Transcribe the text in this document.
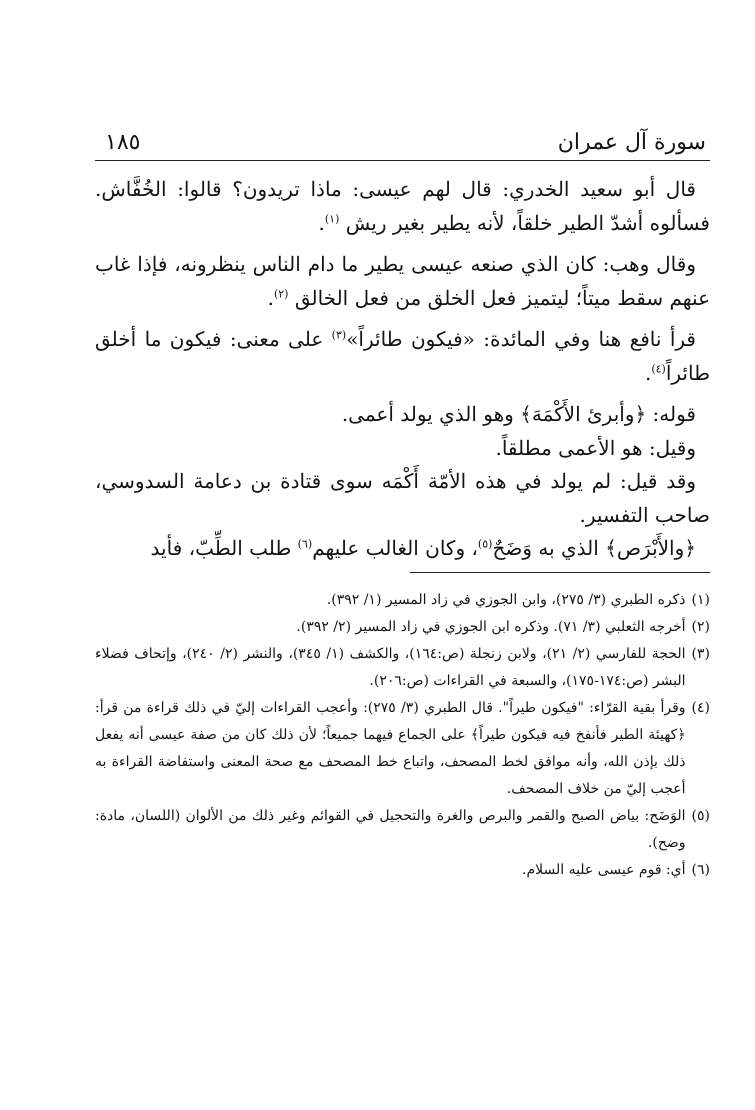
سورة آل عمران
١٨٥

قال أبو سعيد الخدري: قال لهم عيسى: ماذا تريدون؟ قالوا: الخُفَّاش. فسألوه أشدّ الطير خلقاً، لأنه يطير بغير ريش $^{(١)}$.

وقال وهب: كان الذي صنعه عيسى يطير ما دام الناس ينظرونه، فإذا غاب عنهم سقط ميتاً؛ ليتميز فعل الخلق من فعل الخالق $^{(٢)}$.

قرأ نافع هنا وفي المائدة: «فيكون طائراً»$^{(٣)}$ على معنى: فيكون ما أخلق طائراً$^{(٤)}$.

قوله: ﴿وأبرئ الأَكْمَهَ﴾ وهو الذي يولد أعمى.

وقيل: هو الأعمى مطلقاً.

وقد قيل: لم يولد في هذه الأمّة أَكْمَه سوى قتادة بن دعامة السدوسي، صاحب التفسير.

﴿والأَبْرَص﴾ الذي به وَضَحٌ$^{(٥)}$، وكان الغالب عليهم$^{(٦)}$ طلب الطِّبّ، فأيد

(١)
ذكره الطبري (٣/ ٢٧٥)، وابن الجوزي في زاد المسير (١/ ٣٩٢).
(٢)
أخرجه الثعلبي (٣/ ٧١). وذكره ابن الجوزي في زاد المسير (٢/ ٣٩٢).
(٣)
الحجة للفارسي (٢/ ٢١)، ولابن زنجلة (ص:١٦٤)، والكشف (١/ ٣٤٥)، والنشر (٢/ ٢٤٠)، وإتحاف فضلاء البشر (ص:١٧٤-١٧٥)، والسبعة في القراءات (ص:٢٠٦).
(٤)
وقرأ بقية القرّاء: "فيكون طيراً". قال الطبري (٣/ ٢٧٥): وأعجب القراءات إليّ في ذلك قراءة من قرأ: ﴿كهيئة الطير فأنفخ فيه فيكون طيراً﴾ على الجماع فيهما جميعاً؛ لأن ذلك كان من صفة عيسى أنه يفعل ذلك بإذن الله، وأنه موافق لخط المصحف، واتباع خط المصحف مع صحة المعنى واستفاضة القراءة به أعجب إليّ من خلاف المصحف.
(٥)
الوَضَح: بياض الصبح والقمر والبرص والغرة والتحجيل في القوائم وغير ذلك من الألوان (اللسان، مادة: وضح).
(٦)
أي: قوم عيسى عليه السلام.
